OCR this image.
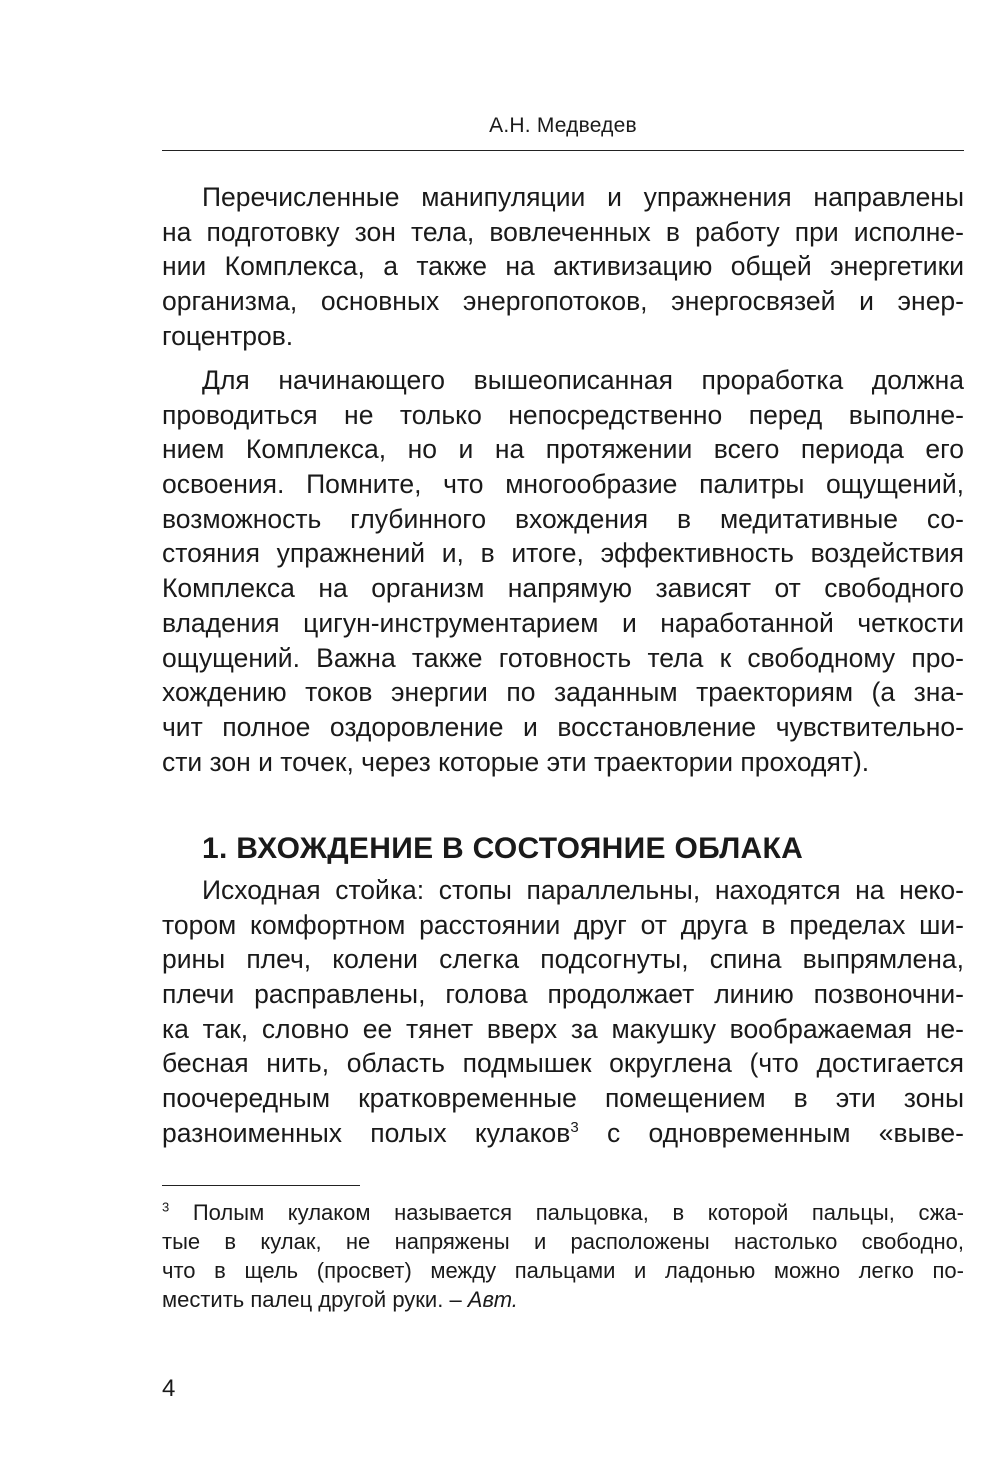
А.Н. Медведев
Перечисленные манипуляции и упражнения направлены
на подготовку зон тела, вовлеченных в работу при исполне-
нии Комплекса, а также на активизацию общей энергетики
организма, основных энергопотоков, энергосвязей и энер-
гоцентров.
Для начинающего вышеописанная проработка должна
проводиться не только непосредственно перед выполне-
нием Комплекса, но и на протяжении всего периода его
освоения. Помните, что многообразие палитры ощущений,
возможность глубинного вхождения в медитативные со-
стояния упражнений и, в итоге, эффективность воздействия
Комплекса на организм напрямую зависят от свободного
владения цигун-инструментарием и наработанной четкости
ощущений. Важна также готовность тела к свободному про-
хождению токов энергии по заданным траекториям (а зна-
чит полное оздоровление и восстановление чувствительно-
сти зон и точек, через которые эти траектории проходят).
1. ВХОЖДЕНИЕ В СОСТОЯНИЕ ОБЛАКА
Исходная стойка: стопы параллельны, находятся на неко-
тором комфортном расстоянии друг от друга в пределах ши-
рины плеч, колени слегка подсогнуты, спина выпрямлена,
плечи расправлены, голова продолжает линию позвоночни-
ка так, словно ее тянет вверх за макушку воображаемая не-
бесная нить, область подмышек округлена (что достигается
поочередным кратковременные помещением в эти зоны
разноименных полых кулаков$^3$ с одновременным «выве-
$^3$ Полым кулаком называется пальцовка, в которой пальцы, сжа-
тые в кулак, не напряжены и расположены настолько свободно,
что в щель (просвет) между пальцами и ладонью можно легко по-
местить палец другой руки. – Авт.
4
